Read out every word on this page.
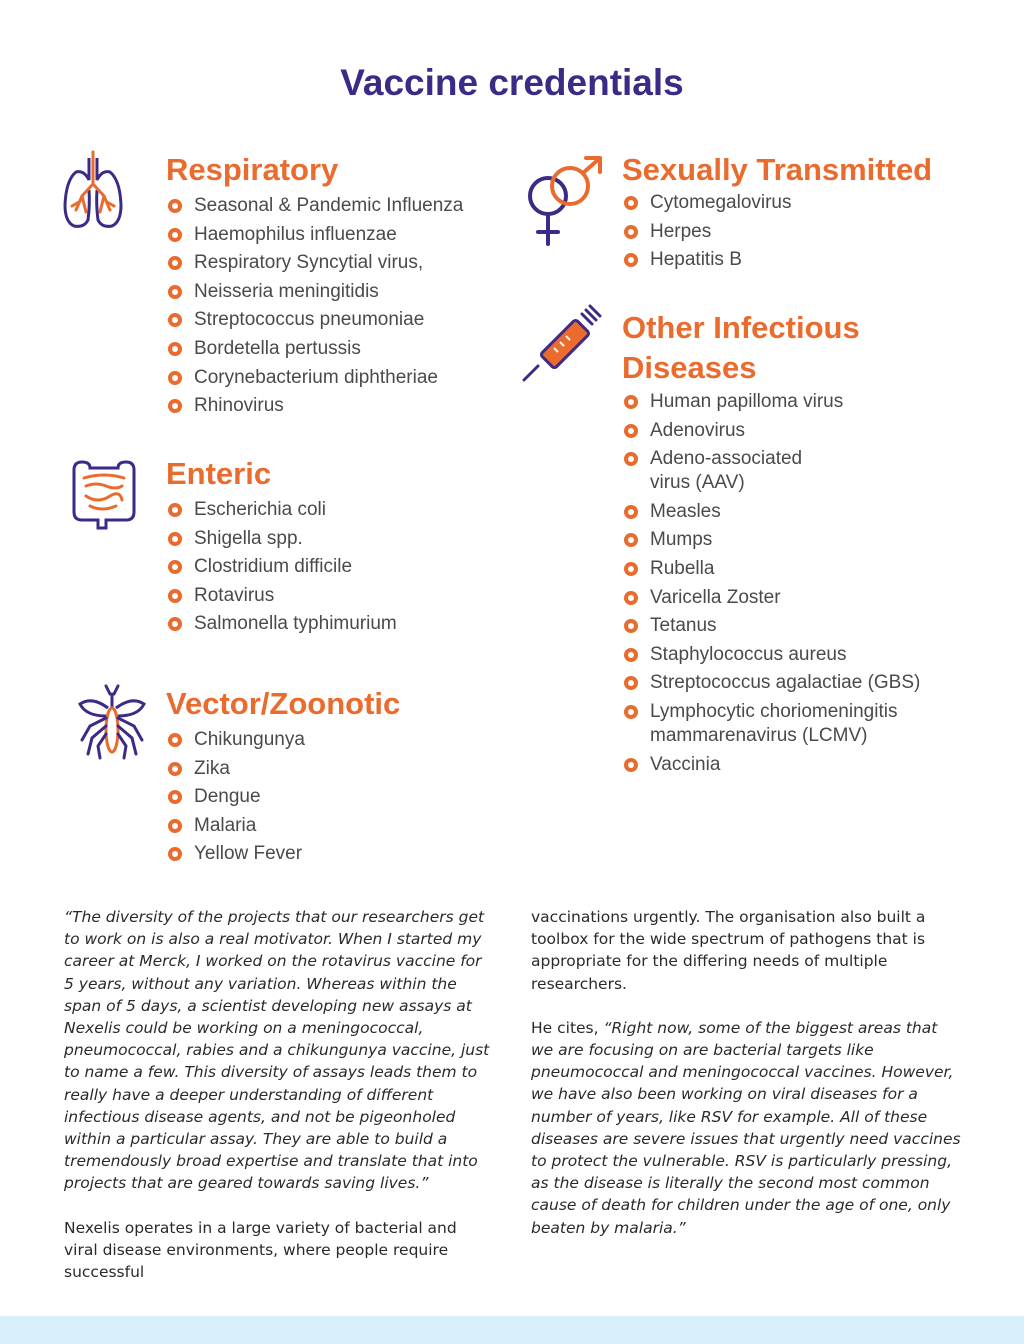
Vaccine credentials
Respiratory
Seasonal & Pandemic Influenza
Haemophilus influenzae
Respiratory Syncytial virus,
Neisseria meningitidis
Streptococcus pneumoniae
Bordetella pertussis
Corynebacterium diphtheriae
Rhinovirus
Enteric
Escherichia coli
Shigella spp.
Clostridium difficile
Rotavirus
Salmonella typhimurium
Vector/Zoonotic
Chikungunya
Zika
Dengue
Malaria
Yellow Fever
Sexually Transmitted
Cytomegalovirus
Herpes
Hepatitis B
Other Infectious
Diseases
Human papilloma virus
Adenovirus
Adeno-associated
virus (AAV)
Measles
Mumps
Rubella
Varicella Zoster
Tetanus
Staphylococcus aureus
Streptococcus agalactiae (GBS)
Lymphocytic choriomeningitis
mammarenavirus (LCMV)
Vaccinia

“The diversity of the projects that our researchers get to work on is also a real motivator. When I started my career at Merck, I worked on the rotavirus vaccine for 5 years, without any variation. Whereas within the span of 5 days, a scientist developing new assays at Nexelis could be working on a meningococcal, pneumococcal, rabies and a chikungunya vaccine, just to name a few. This diversity of assays leads them to really have a deeper understanding of different infectious disease agents, and not be pigeonholed within a particular assay. They are able to build a tremendously broad expertise and translate that into projects that are geared towards saving lives.”

Nexelis operates in a large variety of bacterial and viral disease environments, where people require successful

vaccinations urgently. The organisation also built a toolbox for the wide spectrum of pathogens that is appropriate for the differing needs of multiple researchers.

He cites, “Right now, some of the biggest areas that we are focusing on are bacterial targets like pneumococcal and meningococcal vaccines. However, we have also been working on viral diseases for a number of years, like RSV for example. All of these diseases are severe issues that urgently need vaccines to protect the vulnerable. RSV is particularly pressing, as the disease is literally the second most common cause of death for children under the age of one, only beaten by malaria.”
